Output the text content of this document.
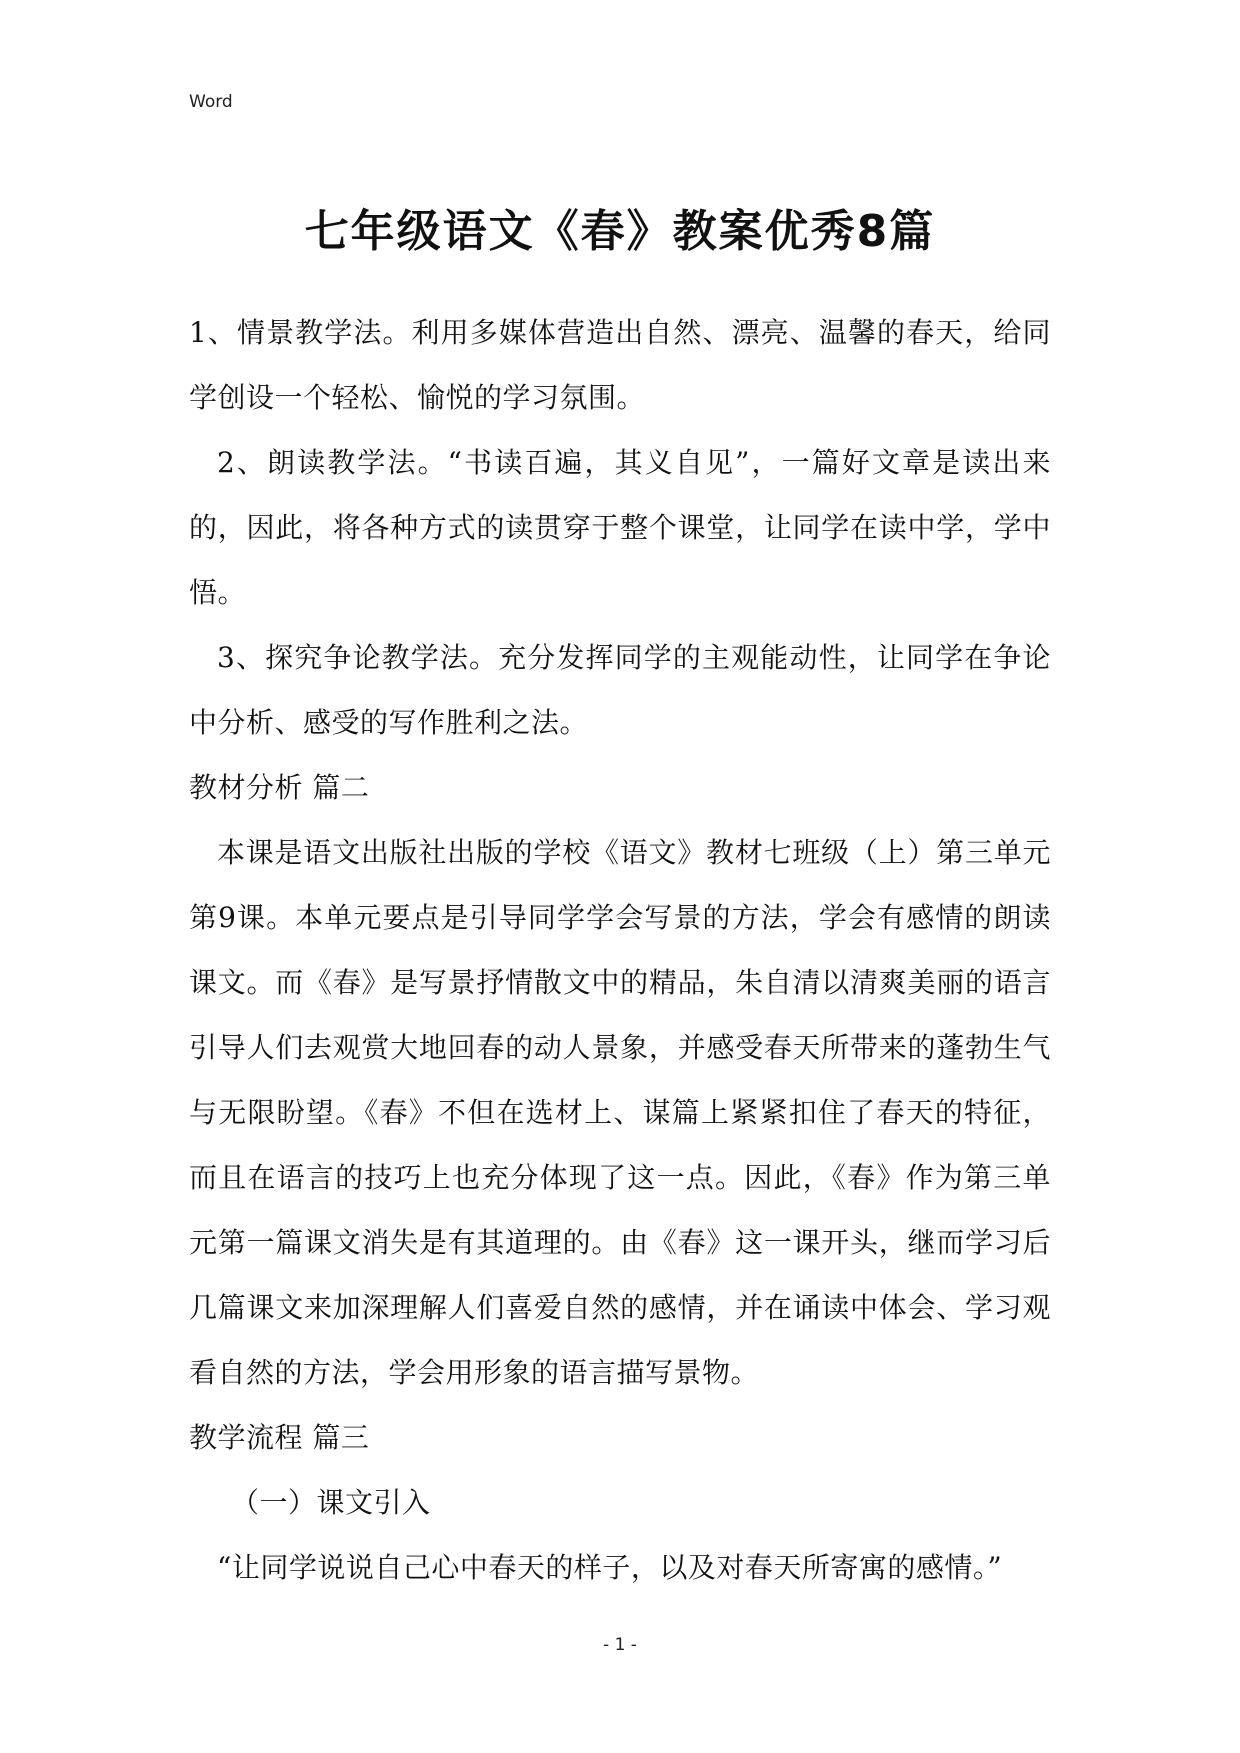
Word
七年级语文《春》教案优秀8篇

1、情景教学法。利用多媒体营造出自然、漂亮、温馨的春天，给同学创设一个轻松、愉悦的学习氛围。

2、朗读教学法。“书读百遍，其义自见”，一篇好文章是读出来的，因此，将各种方式的读贯穿于整个课堂，让同学在读中学，学中悟。

3、探究争论教学法。充分发挥同学的主观能动性，让同学在争论中分析、感受的写作胜利之法。

教材分析 篇二

本课是语文出版社出版的学校《语文》教材七班级（上）第三单元第9课。本单元要点是引导同学学会写景的方法，学会有感情的朗读课文。而《春》是写景抒情散文中的精品，朱自清以清爽美丽的语言引导人们去观赏大地回春的动人景象，并感受春天所带来的蓬勃生气与无限盼望。《春》不但在选材上、谋篇上紧紧扣住了春天的特征，而且在语言的技巧上也充分体现了这一点。因此，《春》作为第三单元第一篇课文消失是有其道理的。由《春》这一课开头，继而学习后几篇课文来加深理解人们喜爱自然的感情，并在诵读中体会、学习观看自然的方法，学会用形象的语言描写景物。

教学流程 篇三

（一）课文引入

“让同学说说自己心中春天的样子，以及对春天所寄寓的感情。”

- 1 -
